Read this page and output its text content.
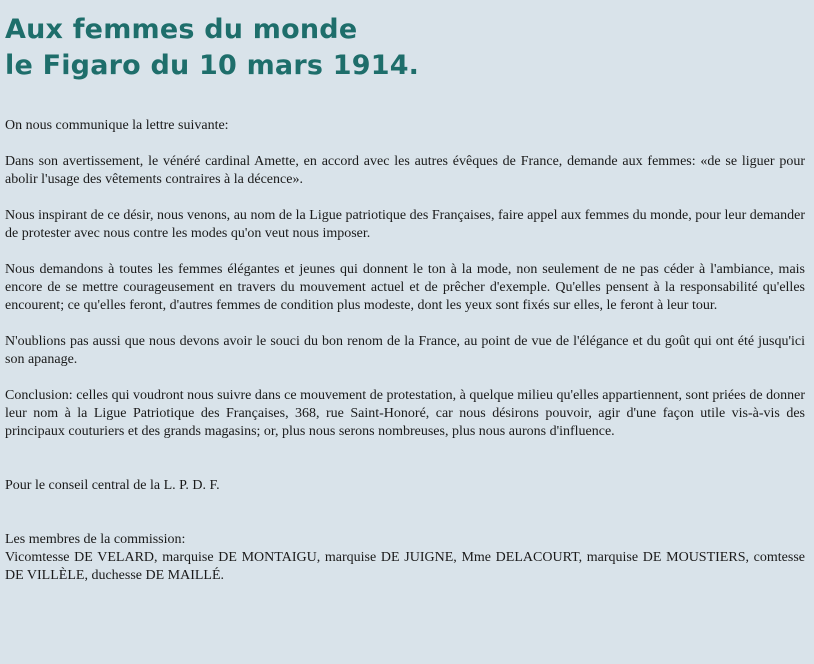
Aux femmes du monde
le Figaro du 10 mars 1914.

On nous communique la lettre suivante:

Dans son avertissement, le vénéré cardinal Amette, en accord avec les autres évêques de France, demande aux femmes: «de se liguer pour abolir l'usage des vêtements contraires à la décence».

Nous inspirant de ce désir, nous venons, au nom de la Ligue patriotique des Françaises, faire appel aux femmes du monde, pour leur demander de protester avec nous contre les modes qu'on veut nous imposer.

Nous demandons à toutes les femmes élégantes et jeunes qui donnent le ton à la mode, non seulement de ne pas céder à l'ambiance, mais encore de se mettre courageusement en travers du mouvement actuel et de prêcher d'exemple. Qu'elles pensent à la responsabilité qu'elles encourent; ce qu'elles feront, d'autres femmes de condition plus modeste, dont les yeux sont fixés sur elles, le feront à leur tour.

N'oublions pas aussi que nous devons avoir le souci du bon renom de la France, au point de vue de l'élégance et du goût qui ont été jusqu'ici son apanage.

Conclusion: celles qui voudront nous suivre dans ce mouvement de protestation, à quelque milieu qu'elles appartiennent, sont priées de donner leur nom à la Ligue Patriotique des Françaises, 368, rue Saint-Honoré, car nous désirons pouvoir, agir d'une façon utile vis-à-vis des principaux couturiers et des grands magasins; or, plus nous serons nombreuses, plus nous aurons d'influence.

Pour le conseil central de la L. P. D. F.

Les membres de la commission:
Vicomtesse DE VELARD, marquise DE MONTAIGU, marquise DE JUIGNE, Mme DELACOURT, marquise DE MOUSTIERS, comtesse DE VILLÈLE, duchesse DE MAILLÉ.
